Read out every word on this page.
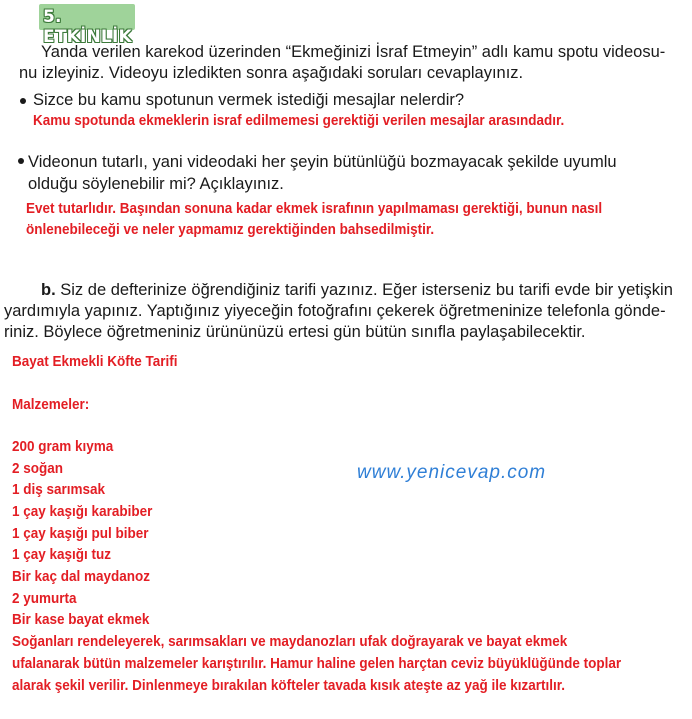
5. ETKİNLİK
Yanda verilen karekod üzerinden “Ekmeğinizi İsraf Etmeyin” adlı kamu spotu videosu-
nu izleyiniz. Videoyu izledikten sonra aşağıdaki soruları cevaplayınız.
Sizce bu kamu spotunun vermek istediği mesajlar nelerdir?
Kamu spotunda ekmeklerin israf edilmemesi gerektiği verilen mesajlar arasındadır.
Videonun tutarlı, yani videodaki her şeyin bütünlüğü bozmayacak şekilde uyumlu
olduğu söylenebilir mi? Açıklayınız.
Evet tutarlıdır. Başından sonuna kadar ekmek israfının yapılmaması gerektiği, bunun nasıl
önlenebileceği ve neler yapmamız gerektiğinden bahsedilmiştir.
b. Siz de defterinize öğrendiğiniz tarifi yazınız. Eğer isterseniz bu tarifi evde bir yetişkin
yardımıyla yapınız. Yaptığınız yiyeceğin fotoğrafını çekerek öğretmeninize telefonla gönde-
riniz. Böylece öğretmeniniz ürününüzü ertesi gün bütün sınıfla paylaşabilecektir.
Bayat Ekmekli Köfte Tarifi
Malzemeler:
200 gram kıyma
2 soğan
1 diş sarımsak
1 çay kaşığı karabiber
1 çay kaşığı pul biber
1 çay kaşığı tuz
Bir kaç dal maydanoz
2 yumurta
Bir kase bayat ekmek
Soğanları rendeleyerek, sarımsakları ve maydanozları ufak doğrayarak ve bayat ekmek
ufalanarak bütün malzemeler karıştırılır. Hamur haline gelen harçtan ceviz büyüklüğünde toplar
alarak şekil verilir. Dinlenmeye bırakılan köfteler tavada kısık ateşte az yağ ile kızartılır.
www.yenicevap.com
